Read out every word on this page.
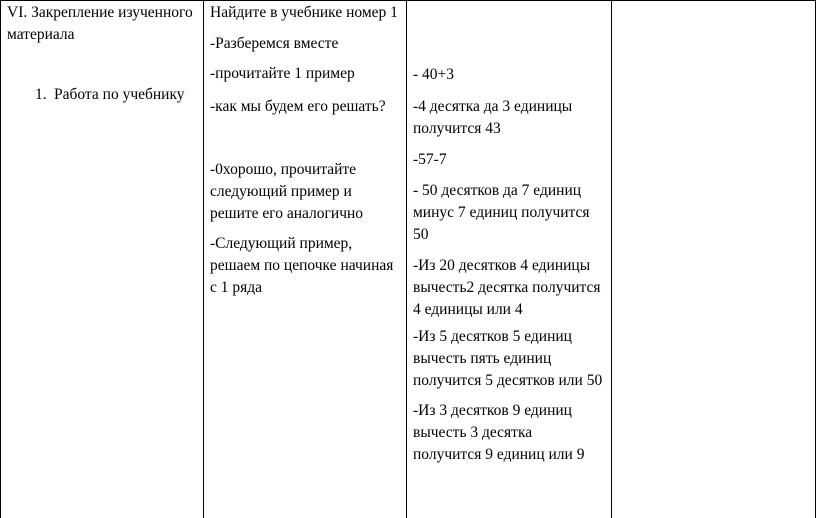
VI. Закрепление изученного материала
1. Работа по учебнику
Найдите в учебнике номер 1
-Разберемся вместе
-прочитайте 1 пример
-как мы будем его решать?
-0хорошо, прочитайте следующий пример и решите его аналогично
-Следующий пример, решаем по цепочке начиная с 1 ряда
- 40+3
-4 десятка да 3 единицы получится 43
-57-7
- 50 десятков да 7 единиц минус 7 единиц получится 50
-Из 20 десятков 4 единицы вычесть2 десятка получится 4 единицы или 4
-Из 5 десятков 5 единиц вычесть пять единиц получится 5 десятков или 50
-Из 3 десятков 9 единиц вычесть 3 десятка получится 9 единиц или 9
